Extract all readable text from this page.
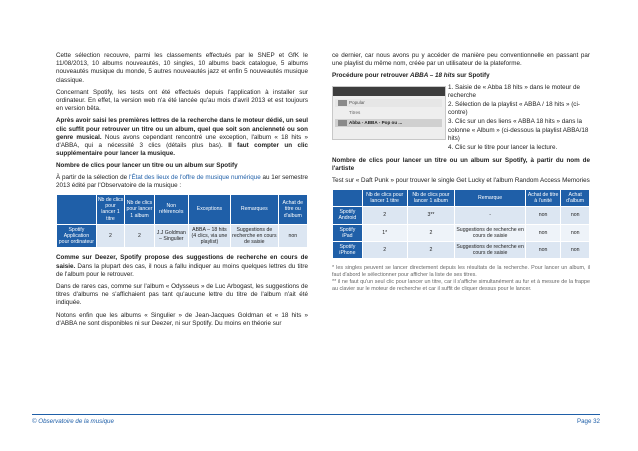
Cette sélection recouvre, parmi les classements effectués par le SNEP et GfK le 11/08/2013, 10 albums nouveautés, 10 singles, 10 albums back catalogue, 5 albums nouveautés musique du monde, 5 autres nouveautés jazz et enfin 5 nouveautés musique classique.

Concernant Spotify, les tests ont été effectués depuis l'application à installer sur ordinateur. En effet, la version web n'a été lancée qu'au mois d'avril 2013 et est toujours en version bêta.

Après avoir saisi les premières lettres de la recherche dans le moteur dédié, un seul clic suffit pour retrouver un titre ou un album, quel que soit son ancienneté ou son genre musical. Nous avons cependant rencontré une exception, l'album « 18 hits » d'ABBA, qui a nécessité 3 clics (détails plus bas). Il faut compter un clic supplémentaire pour lancer la musique.

Nombre de clics pour lancer un titre ou un album sur Spotify

À partir de la sélection de l'État des lieux de l'offre de musique numérique au 1er semestre 2013 édité par l'Observatoire de la musique :

	Nb de clics pour lancer 1 titre	Nb de clics pour lancer 1 album	Non référencés	Exceptions	Remarques	Achat de titre ou d'album
Spotify Application pour ordinateur	2	2	J.J Goldman – Singulier	ABBA – 18 hits (4 clics, via une playlist)	Suggestions de recherche en cours de saisie	non

Comme sur Deezer, Spotify propose des suggestions de recherche en cours de saisie. Dans la plupart des cas, il nous a fallu indiquer au moins quelques lettres du titre de l'album pour le retrouver.

Dans de rares cas, comme sur l'album « Odysseus » de Luc Arbogast, les suggestions de titres d'albums ne s'affichaient pas tant qu'aucune lettre du titre de l'album n'ait été indiquée.

Notons enfin que les albums « Singulier » de Jean-Jacques Goldman et « 18 hits » d'ABBA ne sont disponibles ni sur Deezer, ni sur Spotify. Du moins en théorie sur

ce dernier, car nous avons pu y accéder de manière peu conventionnelle en passant par une playlist du même nom, créée par un utilisateur de la plateforme.

Procédure pour retrouver ABBA – 18 hits sur Spotify

Popular
Titres
Abba - ABBA - Pop ou ...

1. Saisie de « Abba 18 hits » dans le moteur de recherche

2. Sélection de la playlist « ABBA / 18 hits » (ci-contre)

3. Clic sur un des liens « ABBA 18 hits » dans la colonne « Album » (ci-dessous la playlist ABBA/18 hits)

4. Clic sur le titre pour lancer la lecture.

Nombre de clics pour lancer un titre ou un album sur Spotify, à partir du nom de l'artiste

Test sur « Daft Punk » pour trouver le single Get Lucky et l'album Random Access Memories

	Nb de clics pour lancer 1 titre	Nb de clics pour lancer 1 album	Remarque	Achat de titre à l'unité	Achat d'album
Spotify Android	2	3**	-	non	non
Spotify iPad	1*	2	Suggestions de recherche en cours de saisie	non	non
Spotify iPhone	2	2	Suggestions de recherche en cours de saisie	non	non

* les singles peuvent se lancer directement depuis les résultats de la recherche. Pour lancer un album, il faut d'abord le sélectionner pour afficher la liste de ses titres.

** il ne faut qu'un seul clic pour lancer un titre, car il s'affiche simultanément au fur et à mesure de la frappe au clavier sur le moteur de recherche et car il suffit de cliquer dessus pour le lancer.

© Observatoire de la musique	Page 32
